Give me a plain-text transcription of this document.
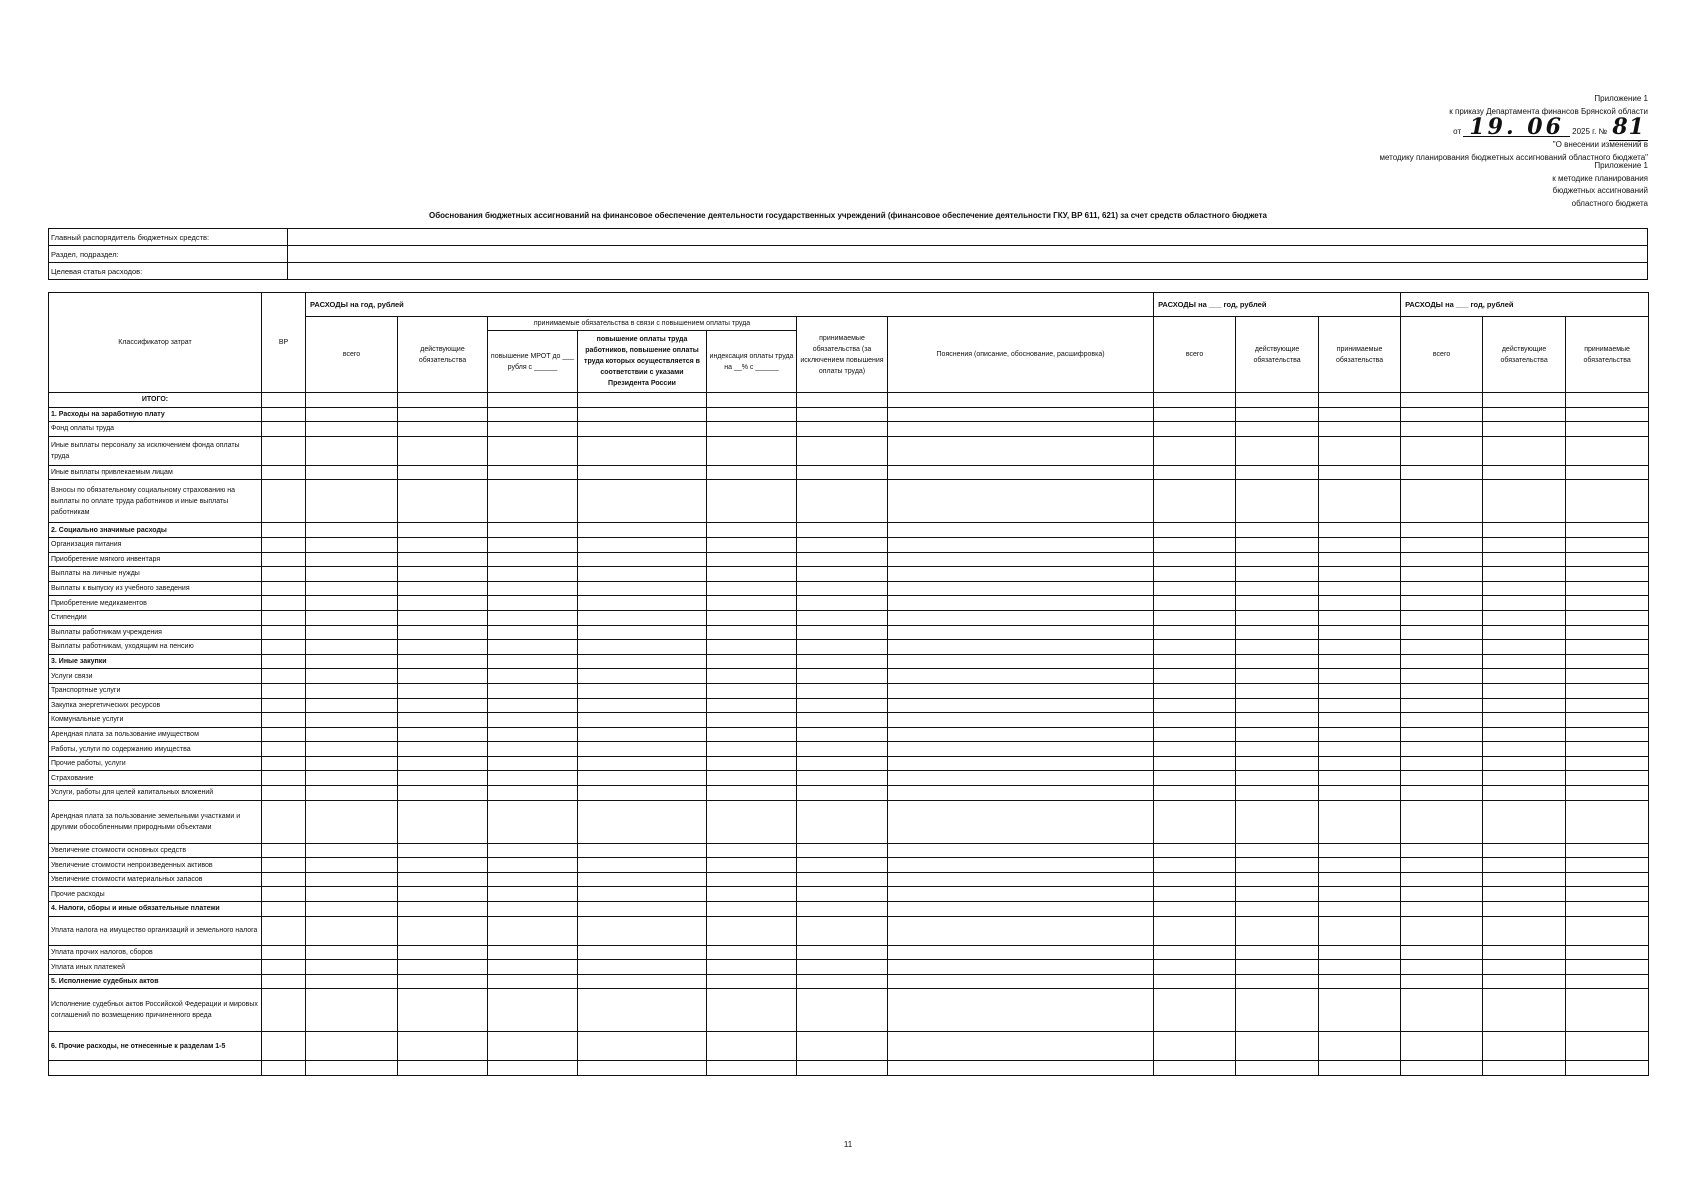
Приложение 1
к приказу Департамента финансов Брянской области
от 19. 06 2025 г. № 81
"О внесении изменений в
методику планирования бюджетных ассигнований областного бюджета"
Приложение 1
к методике планирования
бюджетных ассигнований
областного бюджета
Обоснования бюджетных ассигнований на финансовое обеспечение деятельности государственных учреждений (финансовое обеспечение деятельности ГКУ, ВР 611, 621) за счет средств областного бюджета
Главный распорядитель бюджетных средств:	
Раздел, подраздел:	
Целевая статья расходов:	
Классификатор затрат	ВР	РАСХОДЫ на год, рублей							РАСХОДЫ на ___ год, рублей			РАСХОДЫ на ___ год, рублей		
		всего	действующие обязательства	принимаемые обязательства в связи с повышением оплаты труда			принимаемые обязательства (за исключением повышения оплаты труда)	Пояснения (описание, обоснование, расшифровка)	всего	действующие обязательства	принимаемые обязательства	всего	действующие обязательства	принимаемые обязательства
				повышение МРОТ до ___ рубля с ______	повышение оплаты труда работников, повышение оплаты труда которых осуществляется в соответствии с указами Президента России	индексация оплаты труда на __% с ______								
ИТОГО:														
1. Расходы на заработную плату														
Фонд оплаты труда														
Иные выплаты персоналу за исключением фонда оплаты труда														
Иные выплаты привлекаемым лицам														
Взносы по обязательному социальному страхованию на выплаты по оплате труда работников и иные выплаты работникам														
2. Социально значимые расходы														
Организация питания														
Приобретение мягкого инвентаря														
Выплаты на личные нужды														
Выплаты к выпуску из учебного заведения														
Приобретение медикаментов														
Стипендии														
Выплаты работникам учреждения														
Выплаты работникам, уходящим на пенсию														
3. Иные закупки														
Услуги связи														
Транспортные услуги														
Закупка энергетических ресурсов														
Коммунальные услуги														
Арендная плата за пользование имуществом														
Работы, услуги по содержанию имущества														
Прочие работы, услуги														
Страхование														
Услуги, работы для целей капитальных вложений														
Арендная плата за пользование земельными участками и другими обособленными природными объектами														
Увеличение стоимости основных средств														
Увеличение стоимости непроизведенных активов														
Увеличение стоимости материальных запасов														
Прочие расходы														
4. Налоги, сборы и иные обязательные платежи														
Уплата налога на имущество организаций и земельного налога														
Уплата прочих налогов, сборов														
Уплата иных платежей														
5. Исполнение судебных актов														
Исполнение судебных актов Российской Федерации и мировых соглашений по возмещению причиненного вреда														
6. Прочие расходы, не отнесенные к разделам 1-5														

11
